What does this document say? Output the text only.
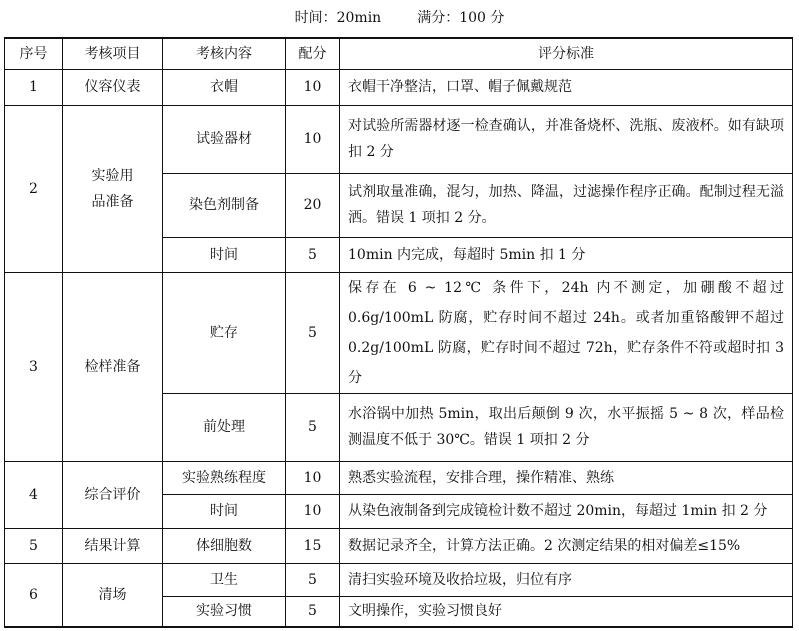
时间：20min	满分：100 分
序号	考核项目	考核内容	配分	评分标准
1	仪容仪表	衣帽	10	衣帽干净整洁，口罩、帽子佩戴规范
2	实验用品准备	试验器材	10	对试验所需器材逐一检查确认，并准备烧杯、洗瓶、废液杯。如有缺项扣 2 分
		染色剂制备	20	试剂取量准确，混匀，加热、降温，过滤操作程序正确。配制过程无溢洒。错误 1 项扣 2 分。
		时间	5	10min 内完成，每超时 5min 扣 1 分
3	检样准备	贮存	5	保存在 6 ~ 12℃ 条件下，24h 内不测定，加硼酸不超过 0.6g/100mL 防腐，贮存时间不超过 24h。或者加重铬酸钾不超过 0.2g/100mL 防腐，贮存时间不超过 72h，贮存条件不符或超时扣 3 分
		前处理	5	水浴锅中加热 5min，取出后颠倒 9 次，水平振摇 5 ~ 8 次，样品检测温度不低于 30℃。错误 1 项扣 2 分
4	综合评价	实验熟练程度	10	熟悉实验流程，安排合理，操作精准、熟练
		时间	10	从染色液制备到完成镜检计数不超过 20min，每超过 1min 扣 2 分
5	结果计算	体细胞数	15	数据记录齐全，计算方法正确。2 次测定结果的相对偏差≤15%
6	清场	卫生	5	清扫实验环境及收拾垃圾，归位有序
		实验习惯	5	文明操作，实验习惯良好
